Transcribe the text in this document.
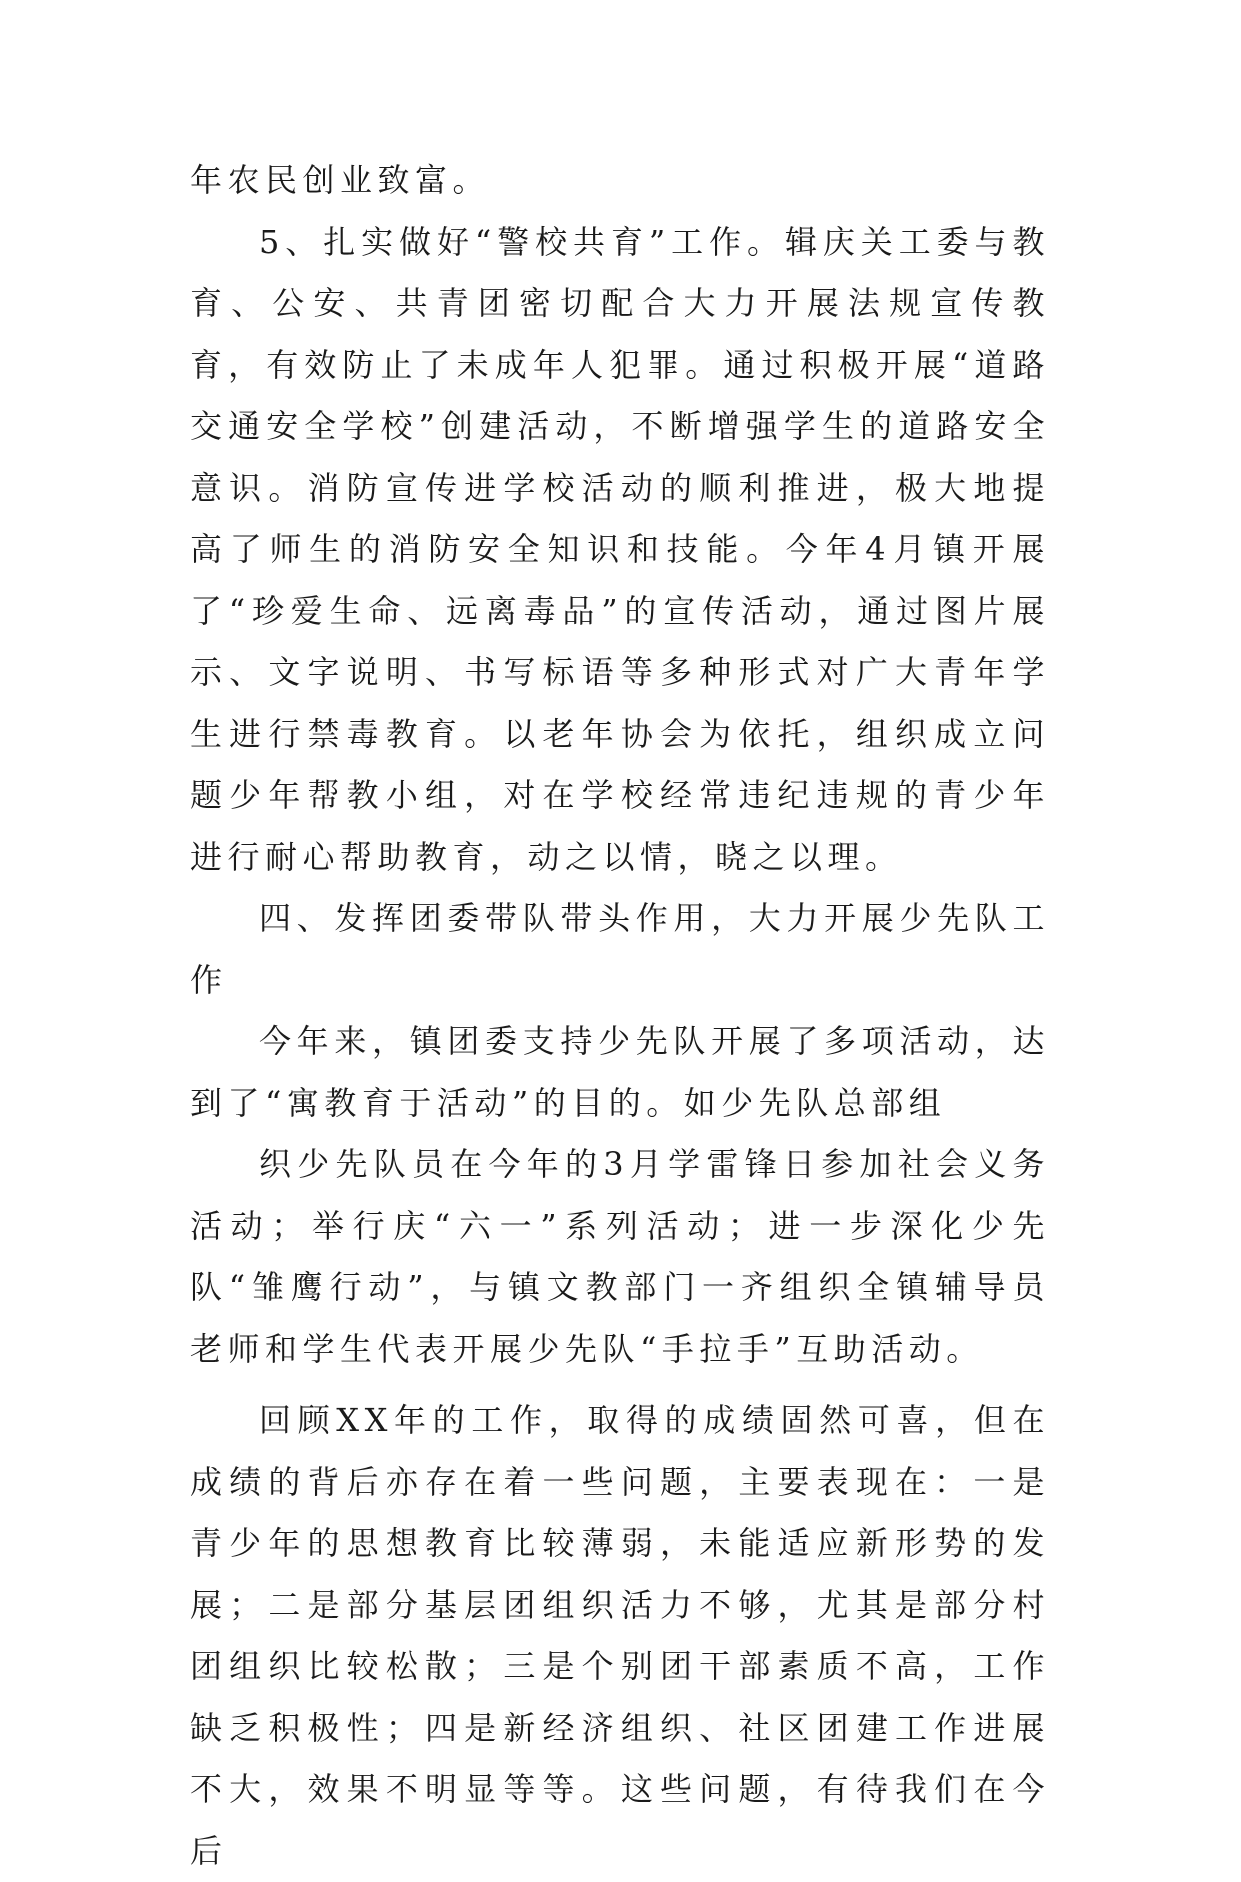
年农民创业致富。

5、扎实做好“警校共育”工作。辑庆关工委与教育、公安、共青团密切配合大力开展法规宣传教育，有效防止了未成年人犯罪。通过积极开展“道路交通安全学校”创建活动，不断增强学生的道路安全意识。消防宣传进学校活动的顺利推进，极大地提高了师生的消防安全知识和技能。今年4月镇开展了“珍爱生命、远离毒品”的宣传活动，通过图片展示、文字说明、书写标语等多种形式对广大青年学生进行禁毒教育。以老年协会为依托，组织成立问题少年帮教小组，对在学校经常违纪违规的青少年进行耐心帮助教育，动之以情，晓之以理。

四、发挥团委带队带头作用，大力开展少先队工作

今年来，镇团委支持少先队开展了多项活动，达到了“寓教育于活动”的目的。如少先队总部组

织少先队员在今年的3月学雷锋日参加社会义务活动；举行庆“六一”系列活动；进一步深化少先队“雏鹰行动”，与镇文教部门一齐组织全镇辅导员老师和学生代表开展少先队“手拉手”互助活动。

回顾XX年的工作，取得的成绩固然可喜，但在成绩的背后亦存在着一些问题，主要表现在：一是青少年的思想教育比较薄弱，未能适应新形势的发展；二是部分基层团组织活力不够，尤其是部分村团组织比较松散；三是个别团干部素质不高，工作缺乏积极性；四是新经济组织、社区团建工作进展不大，效果不明显等等。这些问题，有待我们在今后
